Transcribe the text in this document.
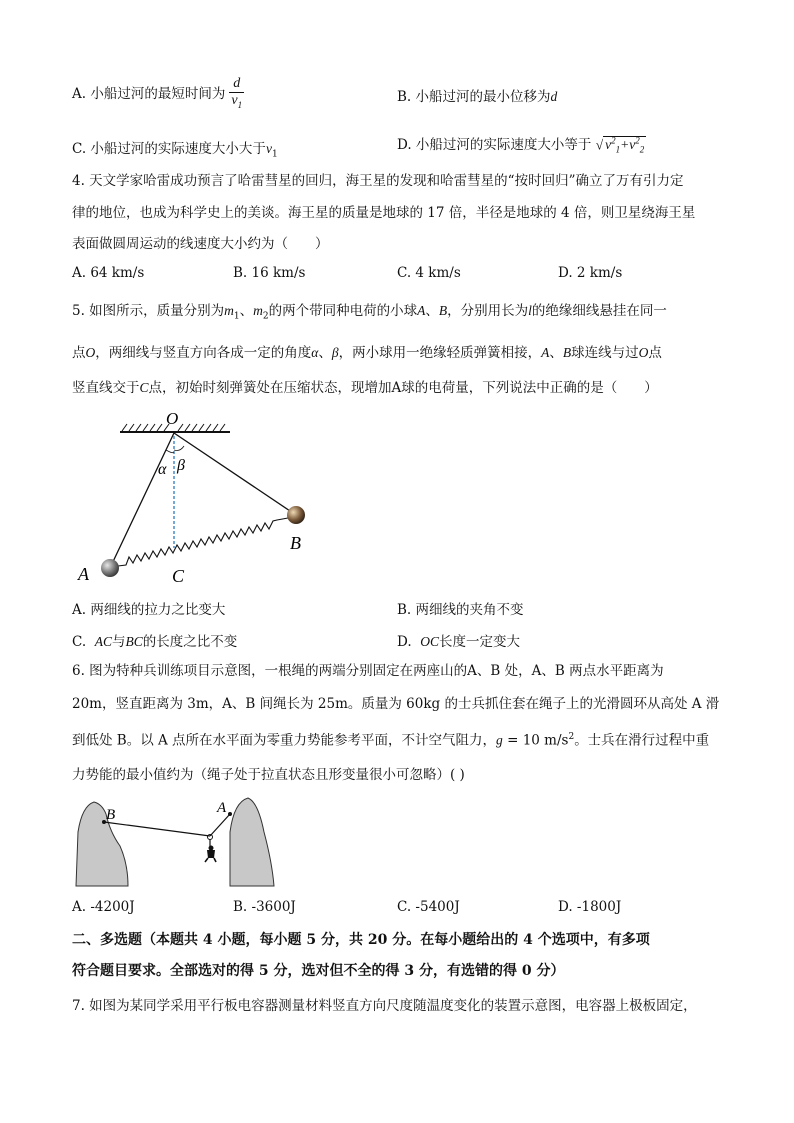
A. 小船过河的最短时间为 $\frac{d}{v_1}$	B. 小船过河的最小位移为d
C. 小船过河的实际速度大小大于$v_1$
D. 小船过河的实际速度大小等于 √ $v^2_1+v^2_2$
4. 天文学家哈雷成功预言了哈雷彗星的回归，海王星的发现和哈雷彗星的“按时回归”确立了万有引力定
律的地位，也成为科学史上的美谈。海王星的质量是地球的 17 倍，半径是地球的 4 倍，则卫星绕海王星
表面做圆周运动的线速度大小约为（　　）
A. 64 km/s	B. 16 km/s	C. 4 km/s	D. 2 km/s
5. 如图所示，质量分别为$m_1$、$m_2$的两个带同种电荷的小球A、B，分别用长为l的绝缘细线悬挂在同一
点O，两细线与竖直方向各成一定的角度α、β，两小球用一绝缘轻质弹簧相接，A、B球连线与过O点
竖直线交于C点，初始时刻弹簧处在压缩状态，现增加A球的电荷量，下列说法中正确的是（　　）
O
α β
A
B
C
A. 两细线的拉力之比变大	B. 两细线的夹角不变
C. AC与BC的长度之比不变	D. OC长度一定变大
6. 图为特种兵训练项目示意图，一根绳的两端分别固定在两座山的A、B 处，A、B 两点水平距离为
20m，竖直距离为 3m，A、B 间绳长为 25m。质量为 60kg 的士兵抓住套在绳子上的光滑圆环从高处 A 滑
到低处 B。以 A 点所在水平面为零重力势能参考平面，不计空气阻力，g = 10 $m/s^2$。士兵在滑行过程中重
力势能的最小值约为（绳子处于拉直状态且形变量很小可忽略）( )
B	A
A. -4200J	B. -3600J	C. -5400J	D. -1800J
二、多选题（本题共 4 小题，每小题 5 分，共 20 分。在每小题给出的 4 个选项中，有多项
符合题目要求。全部选对的得 5 分，选对但不全的得 3 分，有选错的得 0 分）
7. 如图为某同学采用平行板电容器测量材料竖直方向尺度随温度变化的装置示意图，电容器上极板固定，
